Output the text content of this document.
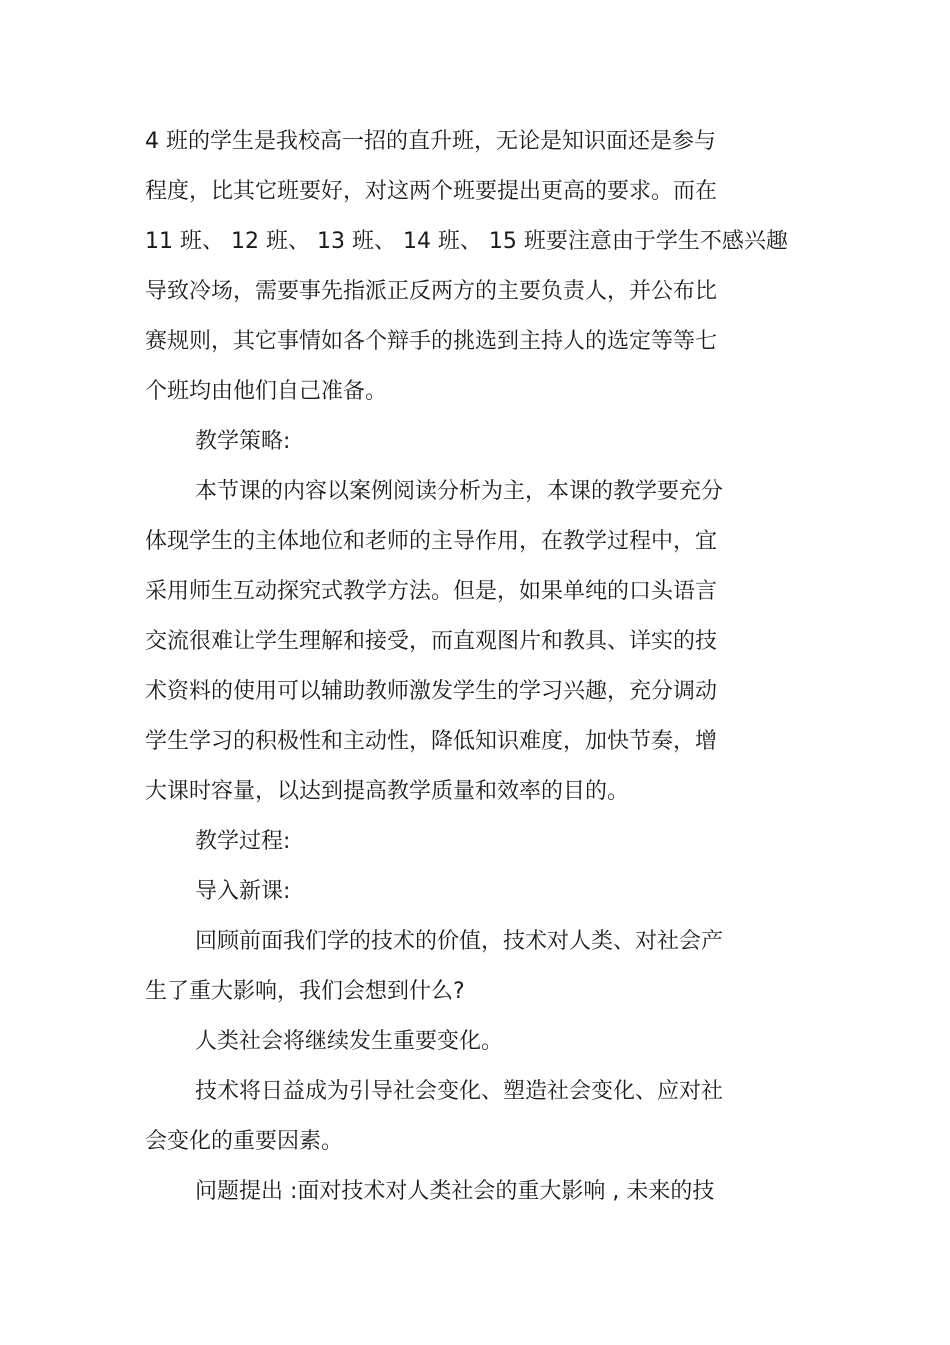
4 班的学生是我校高一招的直升班，无论是知识面还是参与
程度，比其它班要好，对这两个班要提出更高的要求。而在
11 班、 12 班、 13 班、 14 班、 15 班要注意由于学生不感兴趣
导致冷场，需要事先指派正反两方的主要负责人，并公布比
赛规则，其它事情如各个辩手的挑选到主持人的选定等等七
个班均由他们自己准备。
教学策略:
本节课的内容以案例阅读分析为主，本课的教学要充分
体现学生的主体地位和老师的主导作用，在教学过程中，宜
采用师生互动探究式教学方法。但是，如果单纯的口头语言
交流很难让学生理解和接受，而直观图片和教具、详实的技
术资料的使用可以辅助教师激发学生的学习兴趣，充分调动
学生学习的积极性和主动性，降低知识难度，加快节奏，增
大课时容量，以达到提高教学质量和效率的目的。
教学过程:
导入新课:
回顾前面我们学的技术的价值，技术对人类、对社会产
生了重大影响，我们会想到什么?
人类社会将继续发生重要变化。
技术将日益成为引导社会变化、塑造社会变化、应对社
会变化的重要因素。
问题提出 :面对技术对人类社会的重大影响 , 未来的技
